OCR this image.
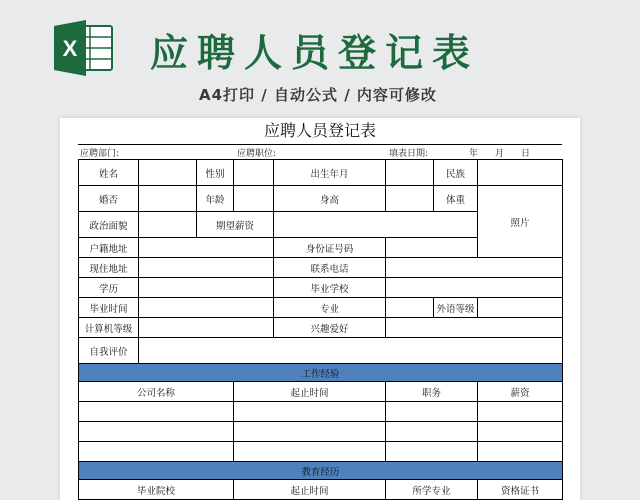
X 应聘人员登记表
A4打印 / 自动公式 / 内容可修改
应聘人员登记表
应聘部门:	应聘职位:	填表日期:	年 月 日
姓名		性别		出生年月		民族	
婚否		年龄		身高		体重	照片
政治面貌		期望薪资					
户籍地址				身份证号码			
现住地址				联系电话			
学历				毕业学校			
毕业时间				专业		外语等级	
计算机等级				兴趣爱好			
自我评价							
工作经验							
公司名称			起止时间		职务		薪资

教育经历							
毕业院校			起止时间		所学专业		资格证书
